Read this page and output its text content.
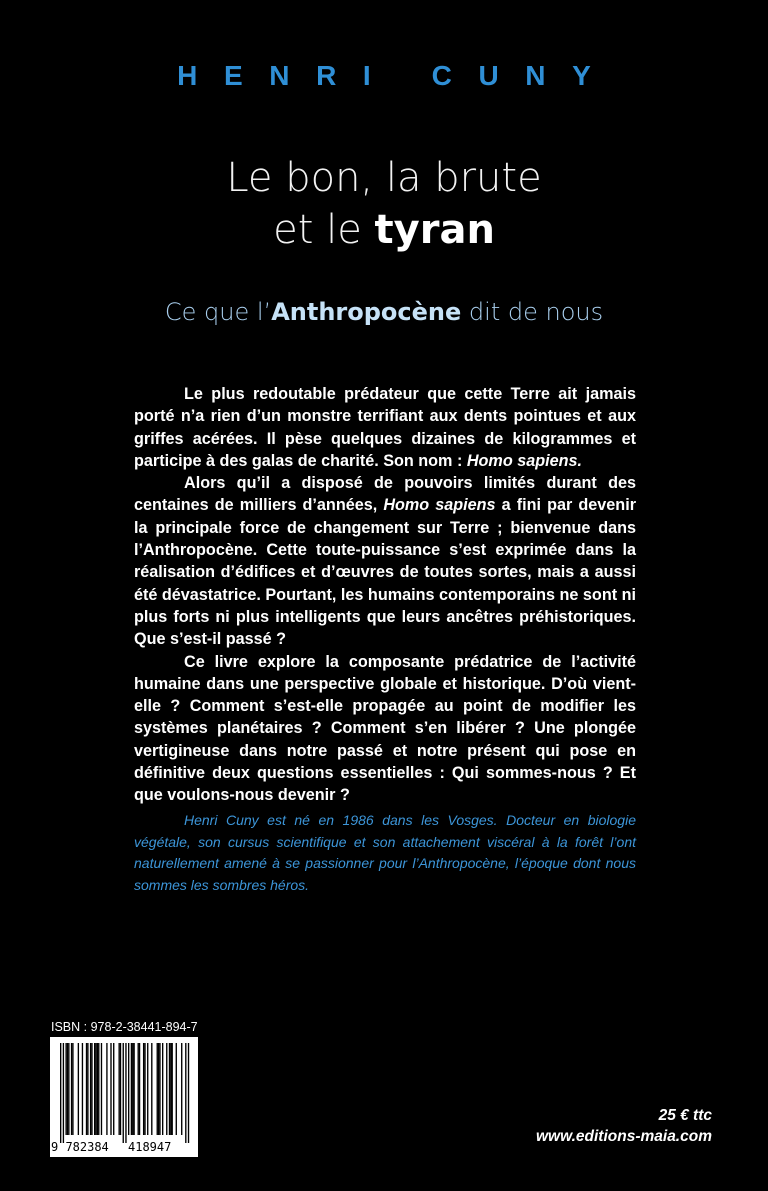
HENRI CUNY
Le bon, la brute
et le tyran
Ce que l’Anthropocène dit de nous

Le plus redoutable prédateur que cette Terre ait jamais porté n’a rien d’un monstre terrifiant aux dents pointues et aux griffes acérées. Il pèse quelques dizaines de kilogrammes et participe à des galas de charité. Son nom : Homo sapiens.

Alors qu’il a disposé de pouvoirs limités durant des centaines de milliers d’années, Homo sapiens a fini par devenir la principale force de changement sur Terre ; bienvenue dans l’Anthropocène. Cette toute-puissance s’est exprimée dans la réalisation d’édifices et d’œuvres de toutes sortes, mais a aussi été dévastatrice. Pourtant, les humains contemporains ne sont ni plus forts ni plus intelligents que leurs ancêtres préhistoriques. Que s’est-il passé ?

Ce livre explore la composante prédatrice de l’activité humaine dans une perspective globale et historique. D’où vient-elle ? Comment s’est-elle propagée au point de modifier les systèmes planétaires ? Comment s’en libérer ? Une plongée vertigineuse dans notre passé et notre présent qui pose en définitive deux questions essentielles : Qui sommes-nous ? Et que voulons-nous devenir ?

Henri Cuny est né en 1986 dans les Vosges. Docteur en biologie végétale, son cursus scientifique et son attachement viscéral à la forêt l’ont naturellement amené à se passionner pour l’Anthropocène, l’époque dont nous sommes les sombres héros.
ISBN : 978-2-38441-894-7
9 782384 418947
25 € ttc
www.editions-maia.com
